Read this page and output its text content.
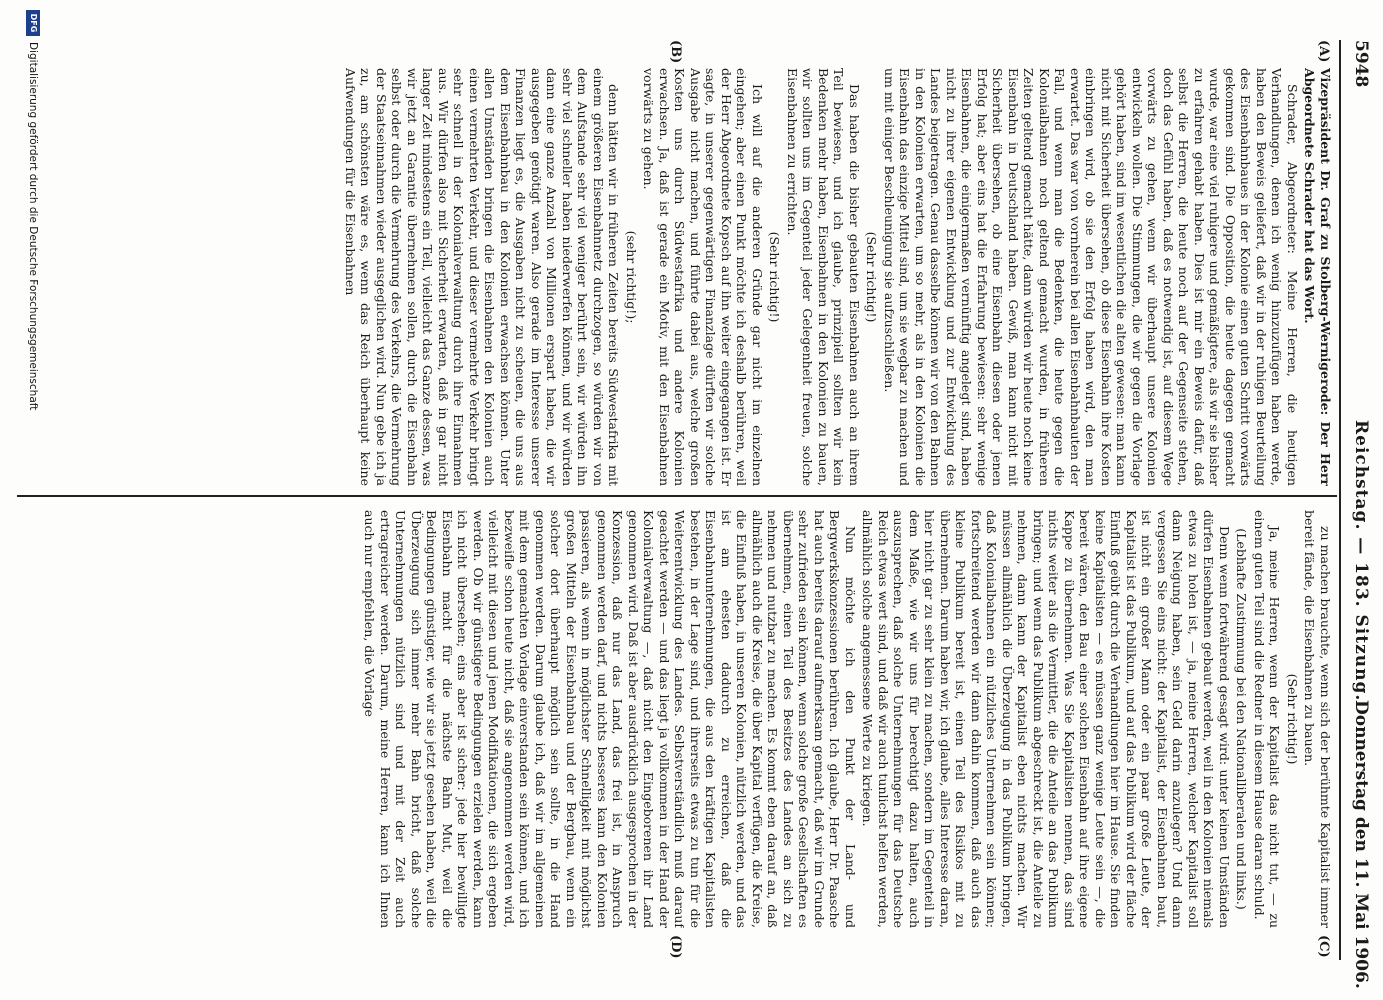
5948
Reichstag. — 183. Sitzung.
Donnerstag den 11. Mai 1906.
(A)
(B)
(C)
(D)

Vizepräsident Dr. Graf zu Stolberg-Wernigerode: Der Herr Abgeordnete Schrader hat das Wort.

Schrader, Abgeordneter: Meine Herren, die heutigen Verhandlungen, denen ich wenig hinzuzufügen haben werde, haben den Beweis geliefert, daß wir in der ruhigen Beurteilung des Eisenbahnbaues in der Kolonie einen guten Schritt vorwärts gekommen sind. Die Opposition, die heute dagegen gemacht wurde, war eine viel ruhigere und gemäßigtere, als wir sie bisher zu erfahren gehabt haben. Dies ist mir ein Beweis dafür, daß selbst die Herren, die heute noch auf der Gegenseite stehen, doch das Gefühl haben, daß es notwendig ist, auf diesem Wege vorwärts zu gehen, wenn wir überhaupt unsere Kolonien entwickeln wollen. Die Stimmungen, die wir gegen die Vorlage gehört haben, sind im wesentlichen die alten gewesen: man kann nicht mit Sicherheit übersehen, ob diese Eisenbahn ihre Kosten einbringen wird, ob sie den Erfolg haben wird, den man erwartet. Das war von vornherein bei allen Eisenbahnbauten der Fall, und wenn man die Bedenken, die heute gegen die Kolonialbahnen noch geltend gemacht wurden, in früheren Zeiten geltend gemacht hätte, dann würden wir heute noch keine Eisenbahn in Deutschland haben. Gewiß, man kann nicht mit Sicherheit übersehen, ob eine Eisenbahn diesen oder jenen Erfolg hat; aber eins hat die Erfahrung bewiesen: sehr wenige Eisenbahnen, die einigermaßen vernünftig angelegt sind, haben nicht zu ihrer eigenen Entwicklung und zur Entwicklung des Landes beigetragen. Genau dasselbe können wir von den Bahnen in den Kolonien erwarten, um so mehr, als in den Kolonien die Eisenbahn das einzige Mittel sind, um sie wegbar zu machen und um mit einiger Beschleunigung sie aufzuschließen.

(Sehr richtig!)

Das haben die bisher gebauten Eisenbahnen auch an ihrem Teil bewiesen, und ich glaube, prinzipiell sollten wir kein Bedenken mehr haben, Eisenbahnen in den Kolonien zu bauen, wir sollten uns im Gegenteil jeder Gelegenheit freuen, solche Eisenbahnen zu errichten.

(Sehr richtig!)

Ich will auf die anderen Gründe gar nicht im einzelnen eingehen; aber einen Punkt möchte ich deshalb berühren, weil der Herr Abgeordnete Kopsch auf ihn weiter eingegangen ist. Er sagte, in unserer gegenwärtigen Finanzlage dürften wir solche Ausgabe nicht machen, und führte dabei aus, welche großen Kosten uns durch Südwestafrika und andere Kolonien erwachsen. Ja, daß ist gerade ein Motiv, mit den Eisenbahnen vorwärts zu gehen.

(sehr richtig!);

denn hätten wir in früheren Zeiten bereits Südwestafrika mit einem größeren Eisenbahnnetz durchzogen, so würden wir von dem Aufstande sehr viel weniger berührt sein, wir würden ihn sehr viel schneller haben niederwerfen können, und wir würden dann eine ganze Anzahl von Millionen erspart haben, die wir ausgegeben genötigt waren. Also gerade im Interesse unserer Finanzen liegt es, die Ausgaben nicht zu scheuen, die uns aus dem Eisenbahnbau in den Kolonien erwachsen können. Unter allen Umständen bringen die Eisenbahnen den Kolonien auch einen vermehrten Verkehr, und dieser vermehrte Verkehr bringt sehr schnell in der Kolonialverwaltung durch ihre Einnahmen aus. Wir dürfen also mit Sicherheit erwarten, daß in gar nicht langer Zeit mindestens ein Teil, vielleicht das Ganze dessen, was wir jetzt an Garantie übernehmen sollen, durch die Eisenbahn selbst oder durch die Vermehrung des Verkehrs, die Vermehrung der Staatseinnahmen wieder ausgeglichen wird. Nun gebe ich ja zu, am schönsten wäre es, wenn das Reich überhaupt keine Aufwendungen für die Eisenbahnen

zu machen brauchte, wenn sich der berühmte Kapitalist immer bereit fände, die Eisenbahnen zu bauen.

(Sehr richtig!)

Ja, meine Herren, wenn der Kapitalist das nicht tut, — zu einem guten Teil sind die Redner in diesem Hause daran schuld.

(Lebhafte Zustimmung bei den Nationalliberalen und links.)

Denn wenn fortwährend gesagt wird: unter keinen Umständen dürfen Eisenbahnen gebaut werden, weil in den Kolonien niemals etwas zu holen ist, — ja, meine Herren, welcher Kapitalist soll dann Neigung haben, sein Geld darin anzulegen? Und dann vergessen Sie eins nicht: der Kapitalist, der Eisenbahnen baut, ist nicht ein großer Mann oder ein paar große Leute, der Kapitalist ist das Publikum, und auf das Publikum wird der fläche Einfluß geübt durch die Verhandlungen hier im Hause. Sie finden keine Kapitalisten — es müssen ganz wenige Leute sein —, die bereit wären, den Bau einer solchen Eisenbahn auf ihre eigene Kappe zu übernehmen. Was Sie Kapitalisten nennen, das sind nichts weiter als die Vermittler, die die Anteile an das Publikum bringen; und wenn das Publikum abgeschreckt ist, die Anteile zu nehmen, dann kann der Kapitalist eben nichts machen. Wir müssen allmählich die Überzeugung in das Publikum bringen, daß Kolonialbahnen ein nützliches Unternehmen sein können; fortschreitend werden wir dann dahin kommen, daß auch das kleine Publikum bereit ist, einen Teil des Risikos mit zu übernehmen. Darum haben wir, ich glaube, alles Interesse daran, hier nicht gar zu sehr klein zu machen, sondern im Gegenteil in dem Maße, wie wir uns für berechtigt dazu halten, auch auszusprechen, daß solche Unternehmungen für das Deutsche Reich etwas wert sind, und daß wir auch tunlichst helfen werden, allmählich solche angemessene Werte zu kriegen.

Nun möchte ich den Punkt der Land- und Bergwerkskonzessionen berühren. Ich glaube, Herr Dr. Paasche hat auch bereits darauf aufmerksam gemacht, daß wir im Grunde sehr zufrieden sein können, wenn solche große Gesellschaften es übernehmen, einen Teil des Besitzes des Landes an sich zu nehmen und nutzbar zu machen. Es kommt eben darauf an, daß allmählich auch die Kreise, die über Kapital verfügen, die Kreise, die Einfluß haben, in unseren Kolonien, nützlich werden, und das ist am ehesten dadurch zu erreichen, daß die Eisenbahnunternehmungen, die aus den kräftigen Kapitalisten bestehen, in der Lage sind, und ihrerseits etwas zu tun für die Weiterentwicklung des Landes. Selbstverständlich muß darauf geachtet werden — und das liegt ja vollkommen in der Hand der Kolonialverwaltung —, daß nicht den Eingeborenen ihr Land genommen wird. Daß ist aber ausdrücklich ausgesprochen in der Konzession, daß nur das Land, das frei ist, in Anspruch genommen werden darf, und nichts besseres kann den Kolonien passieren, als wenn in möglichster Schnelligkeit mit möglichst großen Mitteln der Eisenbahnbau und der Bergbau, wenn ein solcher dort überhaupt möglich sein sollte, in die Hand genommen werden. Darum glaube ich, daß wir im allgemeinen mit dem gemachten Vorlage einverstanden sein können, und ich bezweifle schon heute nicht, daß sie angenommen werden wird, vielleicht mit diesen und jenen Modifikationen, die sich ergeben werden. Ob wir günstigere Bedingungen erzielen werden, kann ich nicht übersehen; eins aber ist sicher: jede hier bewilligte Eisenbahn macht für die nächste Bahn Mut, weil die Bedingungen günstiger, wie wir sie jetzt gesehen haben, weil die Überzeugung sich immer mehr Bahn bricht, daß solche Unternehmungen nützlich sind und mit der Zeit auch ertragreicher werden. Darum, meine Herren, kann ich Ihnen auch nur empfehlen, die Vorlage

DFG
Digitalisierung gefördert durch die Deutsche Forschungsgemeinschaft
